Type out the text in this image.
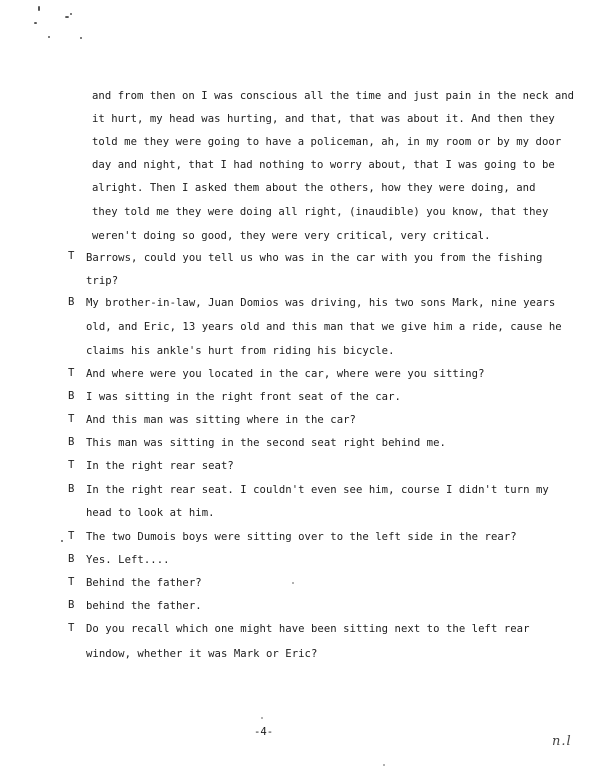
T
B
T
B
T
B
T
B
T
B
T
B
T
and from then on I was conscious all the time and just pain in the neck and
it hurt, my head was hurting, and that, that was about it. And then they
told me they were going to have a policeman, ah, in my room or by my door
day and night, that I had nothing to worry about, that I was going to be
alright. Then I asked them about the others, how they were doing, and
they told me they were doing all right, (inaudible) you know, that they
weren't doing so good, they were very critical, very critical.
Barrows, could you tell us who was in the car with you from the fishing
trip?
My brother-in-law, Juan Domios was driving, his two sons Mark, nine years
old, and Eric, 13 years old and this man that we give him a ride, cause he
claims his ankle's hurt from riding his bicycle.
And where were you located in the car, where were you sitting?
I was sitting in the right front seat of the car.
And this man was sitting where in the car?
This man was sitting in the second seat right behind me.
In the right rear seat?
In the right rear seat. I couldn't even see him, course I didn't turn my
head to look at him.
The two Dumois boys were sitting over to the left side in the rear?
Yes. Left....
Behind the father?
behind the father.
Do you recall which one might have been sitting next to the left rear
window, whether it was Mark or Eric?
-4-
n.l
